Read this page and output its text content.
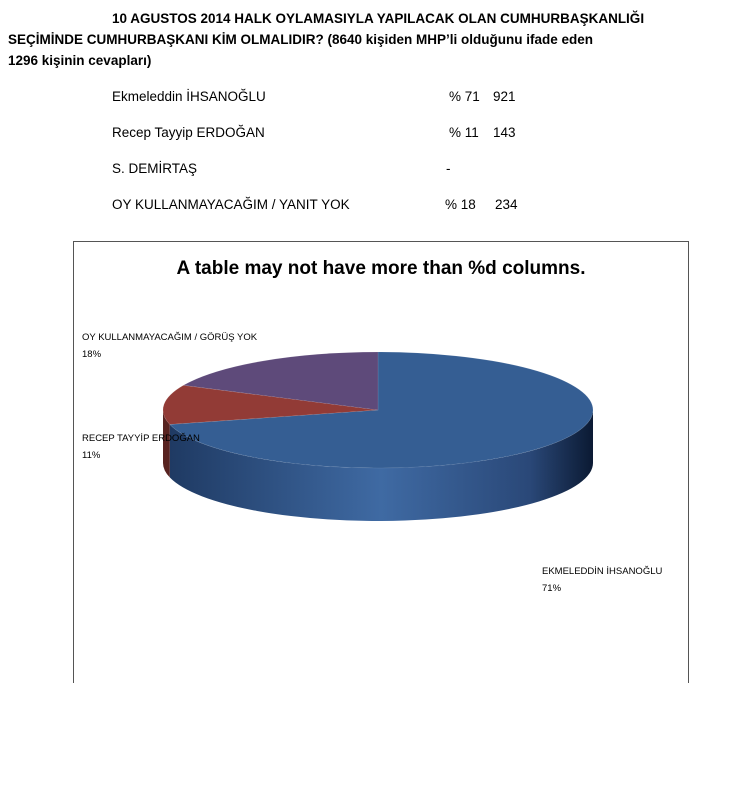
10 AGUSTOS 2014 HALK OYLAMASIYLA YAPILACAK OLAN CUMHURBAŞKANLIĞI
SEÇİMİNDE CUMHURBAŞKANI KİM OLMALIDIR? (8640 kişiden MHP’li olduğunu ifade eden
1296 kişinin cevapları)
Ekmeleddin İHSANOĞLU	% 71 921
Recep Tayyip ERDOĞAN	% 11 143
S. DEMİRTAŞ	-
OY KULLANMAYACAĞIM / YANIT YOK	% 18 234
A table may not have more than %d columns.
EKMELEDDİN İHSANOĞLU
71%
RECEP TAYYİP ERDOĞAN
11%
OY KULLANMAYACAĞIM / GÖRÜŞ YOK
18%
